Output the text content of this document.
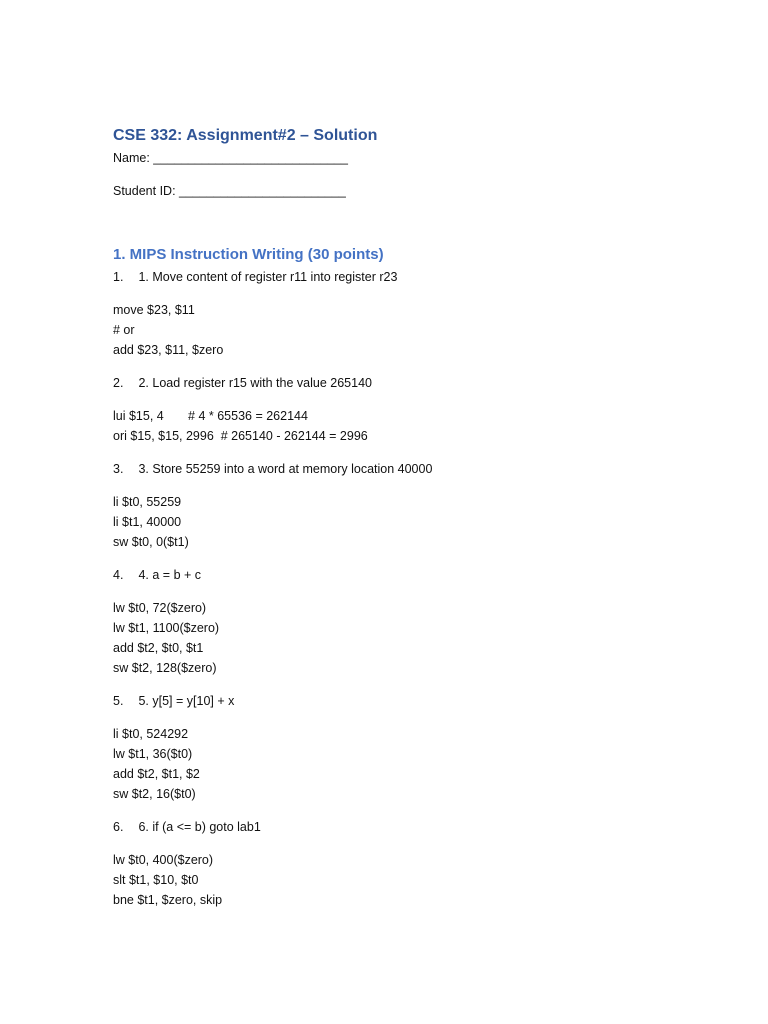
CSE 332: Assignment#2 – Solution
Name: ____________________________
Student ID: ________________________
1. MIPS Instruction Writing (30 points)
1. 1. Move content of register r11 into register r23
move $23, $11
# or
add $23, $11, $zero
2. 2. Load register r15 with the value 265140
lui $15, 4       # 4 * 65536 = 262144
ori $15, $15, 2996  # 265140 - 262144 = 2996
3. 3. Store 55259 into a word at memory location 40000
li $t0, 55259
li $t1, 40000
sw $t0, 0($t1)
4. 4. a = b + c
lw $t0, 72($zero)
lw $t1, 1100($zero)
add $t2, $t0, $t1
sw $t2, 128($zero)
5. 5. y[5] = y[10] + x
li $t0, 524292
lw $t1, 36($t0)
add $t2, $t1, $2
sw $t2, 16($t0)
6. 6. if (a <= b) goto lab1
lw $t0, 400($zero)
slt $t1, $10, $t0
bne $t1, $zero, skip
